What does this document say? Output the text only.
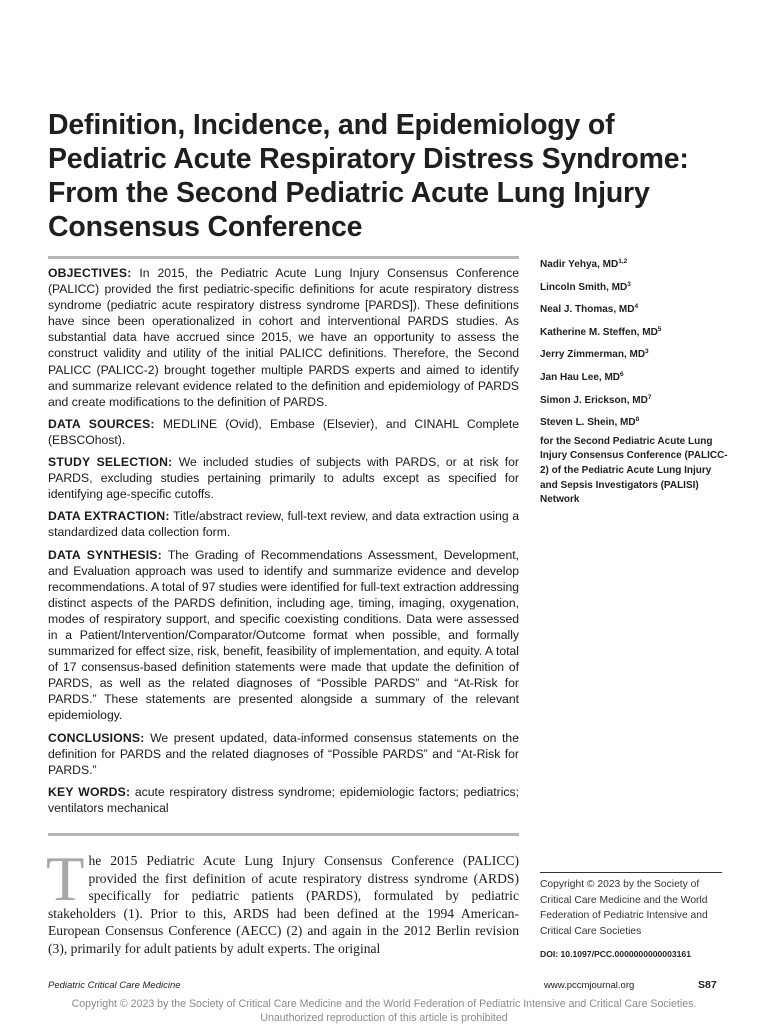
Definition, Incidence, and Epidemiology of Pediatric Acute Respiratory Distress Syndrome: From the Second Pediatric Acute Lung Injury Consensus Conference

OBJECTIVES: In 2015, the Pediatric Acute Lung Injury Consensus Conference (PALICC) provided the first pediatric-specific definitions for acute respiratory distress syndrome (pediatric acute respiratory distress syndrome [PARDS]). These definitions have since been operationalized in cohort and interventional PARDS studies. As substantial data have accrued since 2015, we have an opportunity to assess the construct validity and utility of the initial PALICC definitions. Therefore, the Second PALICC (PALICC-2) brought together multiple PARDS experts and aimed to identify and summarize relevant evidence related to the definition and epidemiology of PARDS and create modifications to the definition of PARDS.

DATA SOURCES: MEDLINE (Ovid), Embase (Elsevier), and CINAHL Complete (EBSCOhost).

STUDY SELECTION: We included studies of subjects with PARDS, or at risk for PARDS, excluding studies pertaining primarily to adults except as specified for identifying age-specific cutoffs.

DATA EXTRACTION: Title/abstract review, full-text review, and data extraction using a standardized data collection form.

DATA SYNTHESIS: The Grading of Recommendations Assessment, Development, and Evaluation approach was used to identify and summarize evidence and develop recommendations. A total of 97 studies were identified for full-text extraction addressing distinct aspects of the PARDS definition, including age, timing, imaging, oxygenation, modes of respiratory support, and specific coexisting conditions. Data were assessed in a Patient/Intervention/Comparator/Outcome format when possible, and formally summarized for effect size, risk, benefit, feasibility of implementation, and equity. A total of 17 consensus-based definition statements were made that update the definition of PARDS, as well as the related diagnoses of “Possible PARDS” and “At-Risk for PARDS.” These statements are presented alongside a summary of the relevant epidemiology.

CONCLUSIONS: We present updated, data-informed consensus statements on the definition for PARDS and the related diagnoses of “Possible PARDS” and “At-Risk for PARDS.”

KEY WORDS: acute respiratory distress syndrome; epidemiologic factors; pediatrics; ventilators mechanical

Nadir Yehya, MD$^{1,2}$
Lincoln Smith, $MD^3$
Neal J. Thomas, $MD^4$
Katherine M. Steffen, $MD^5$
Jerry Zimmerman, $MD^3$
Jan Hau Lee, $MD^6$
Simon J. Erickson, $MD^7$
Steven L. Shein, $MD^8$
for the Second Pediatric Acute Lung Injury Consensus Conference (PALICC-2) of the Pediatric Acute Lung Injury and Sepsis Investigators (PALISI) Network

The 2015 Pediatric Acute Lung Injury Consensus Conference (PALICC) provided the first definition of acute respiratory distress syndrome (ARDS) specifically for pediatric patients (PARDS), formulated by pediatric stakeholders (1). Prior to this, ARDS had been defined at the 1994 American-European Consensus Conference (AECC) (2) and again in the 2012 Berlin revision (3), primarily for adult patients by adult experts. The original

Copyright © 2023 by the Society of Critical Care Medicine and the World Federation of Pediatric Intensive and Critical Care Societies

DOI: 10.1097/PCC.0000000000003161
Pediatric Critical Care Medicine	www.pccmjournal.org	S87
Copyright © 2023 by the Society of Critical Care Medicine and the World Federation of Pediatric Intensive and Critical Care Societies.
Unauthorized reproduction of this article is prohibited
